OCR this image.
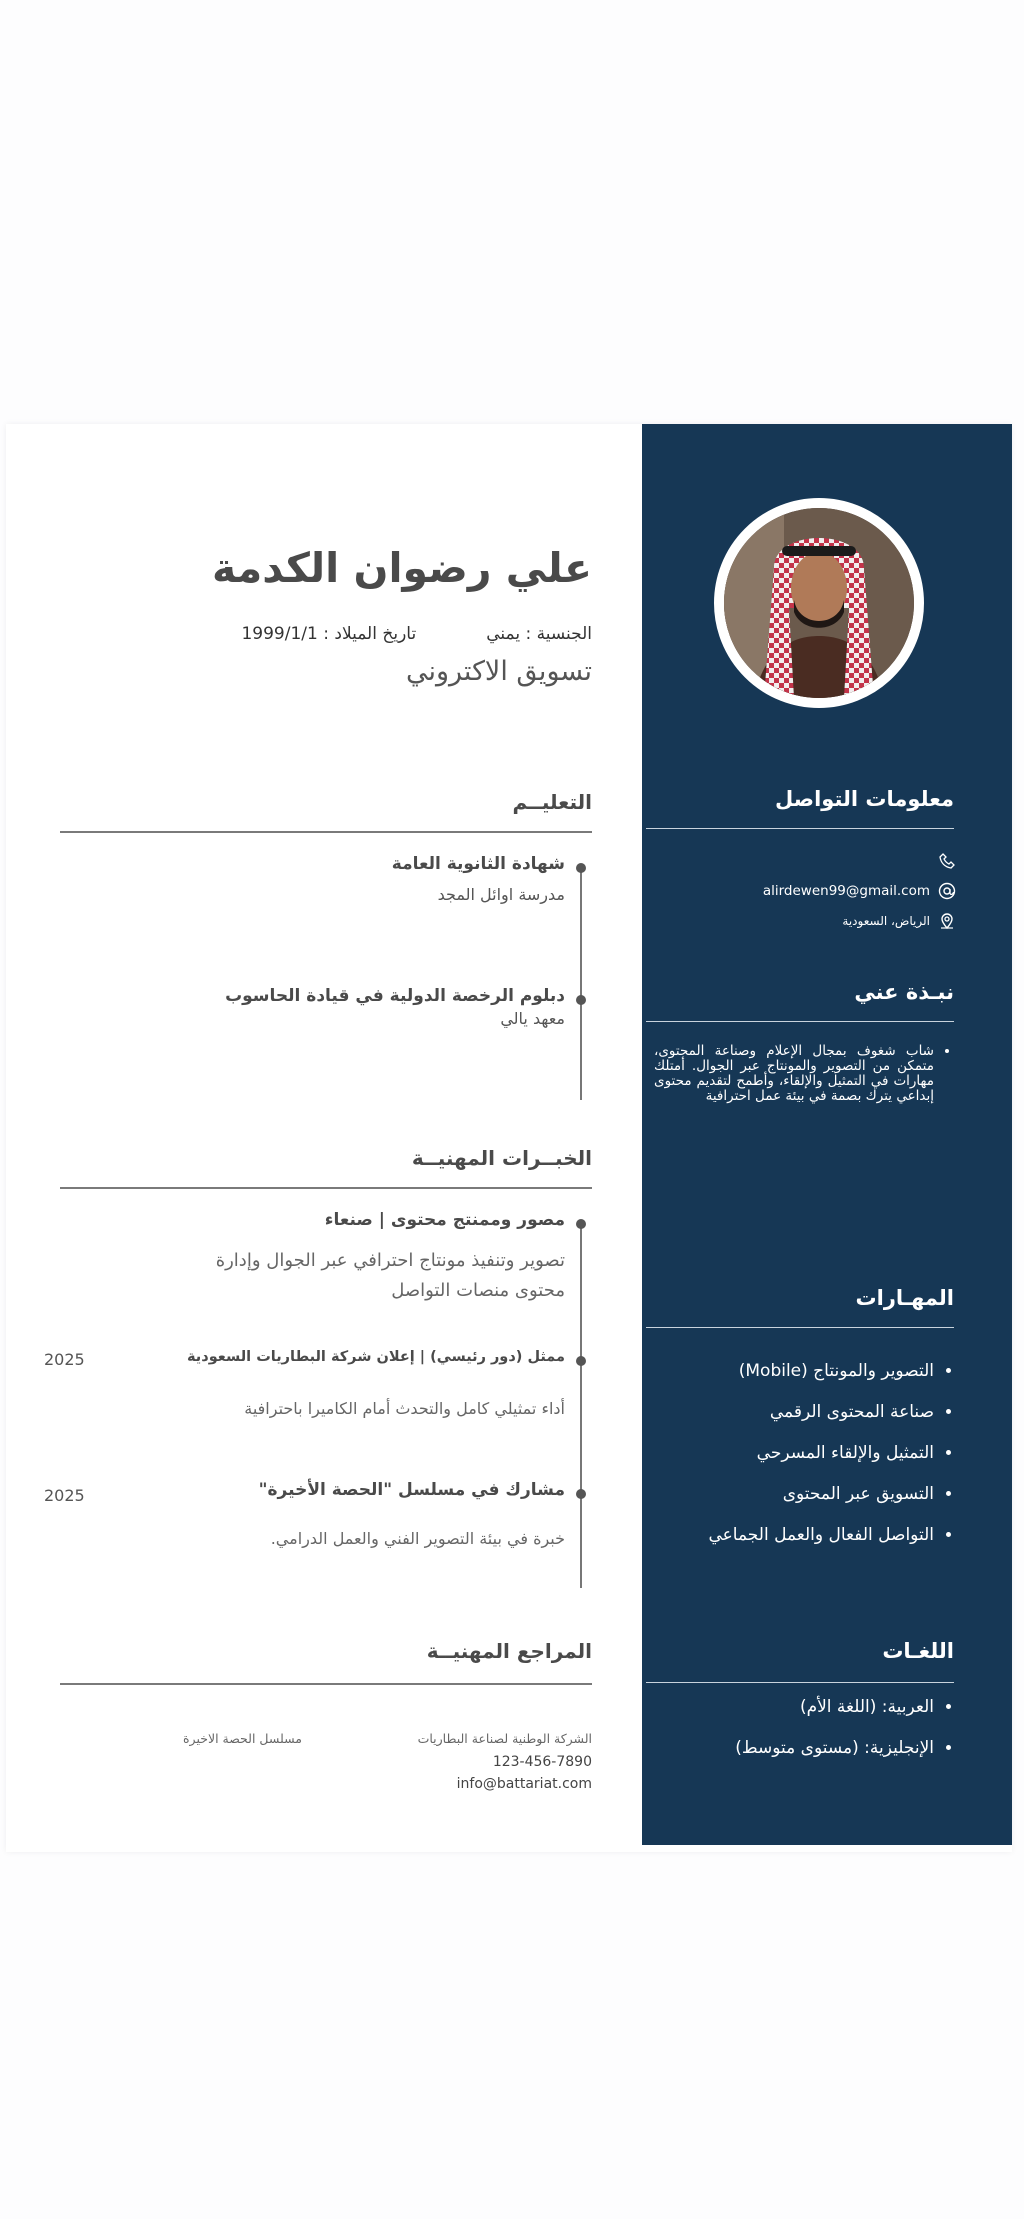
علي رضوان الكدمة
الجنسية : يمني
تاريخ الميلاد : 1999/1/1
تسويق الاكتروني
التعليــم
شهادة الثانوية العامة
مدرسة اوائل المجد
دبلوم الرخصة الدولية في قيادة الحاسوب
معهد يالي
الخبــرات المهنيــة
مصور وممنتج محتوى | صنعاء
تصوير وتنفيذ مونتاج احترافي عبر الجوال وإدارة محتوى منصات التواصل
ممثل (دور رئيسي) | إعلان شركة البطاريات السعودية
2025
أداء تمثيلي كامل والتحدث أمام الكاميرا باحترافية
مشارك في مسلسل "الحصة الأخيرة"
2025
خبرة في بيئة التصوير الفني والعمل الدرامي.
المراجع المهنيــة
الشركة الوطنية لصناعة البطاريات
مسلسل الحصة الاخيرة
123-456-7890
info@battariat.com
معلومات التواصل
alirdewen99@gmail.com
الرياض، السعودية
نبـذة عني
• شاب شغوف بمجال الإعلام وصناعة المحتوى، متمكن من التصوير والمونتاج عبر الجوال. أمتلك مهارات في التمثيل والإلقاء، وأطمح لتقديم محتوى إبداعي يترك بصمة في بيئة عمل احترافية
المهـارات
• التصوير والمونتاج (Mobile)
• صناعة المحتوى الرقمي
• التمثيل والإلقاء المسرحي
• التسويق عبر المحتوى
• التواصل الفعال والعمل الجماعي
اللغـات
• العربية: (اللغة الأم)
• الإنجليزية: (مستوى متوسط)
